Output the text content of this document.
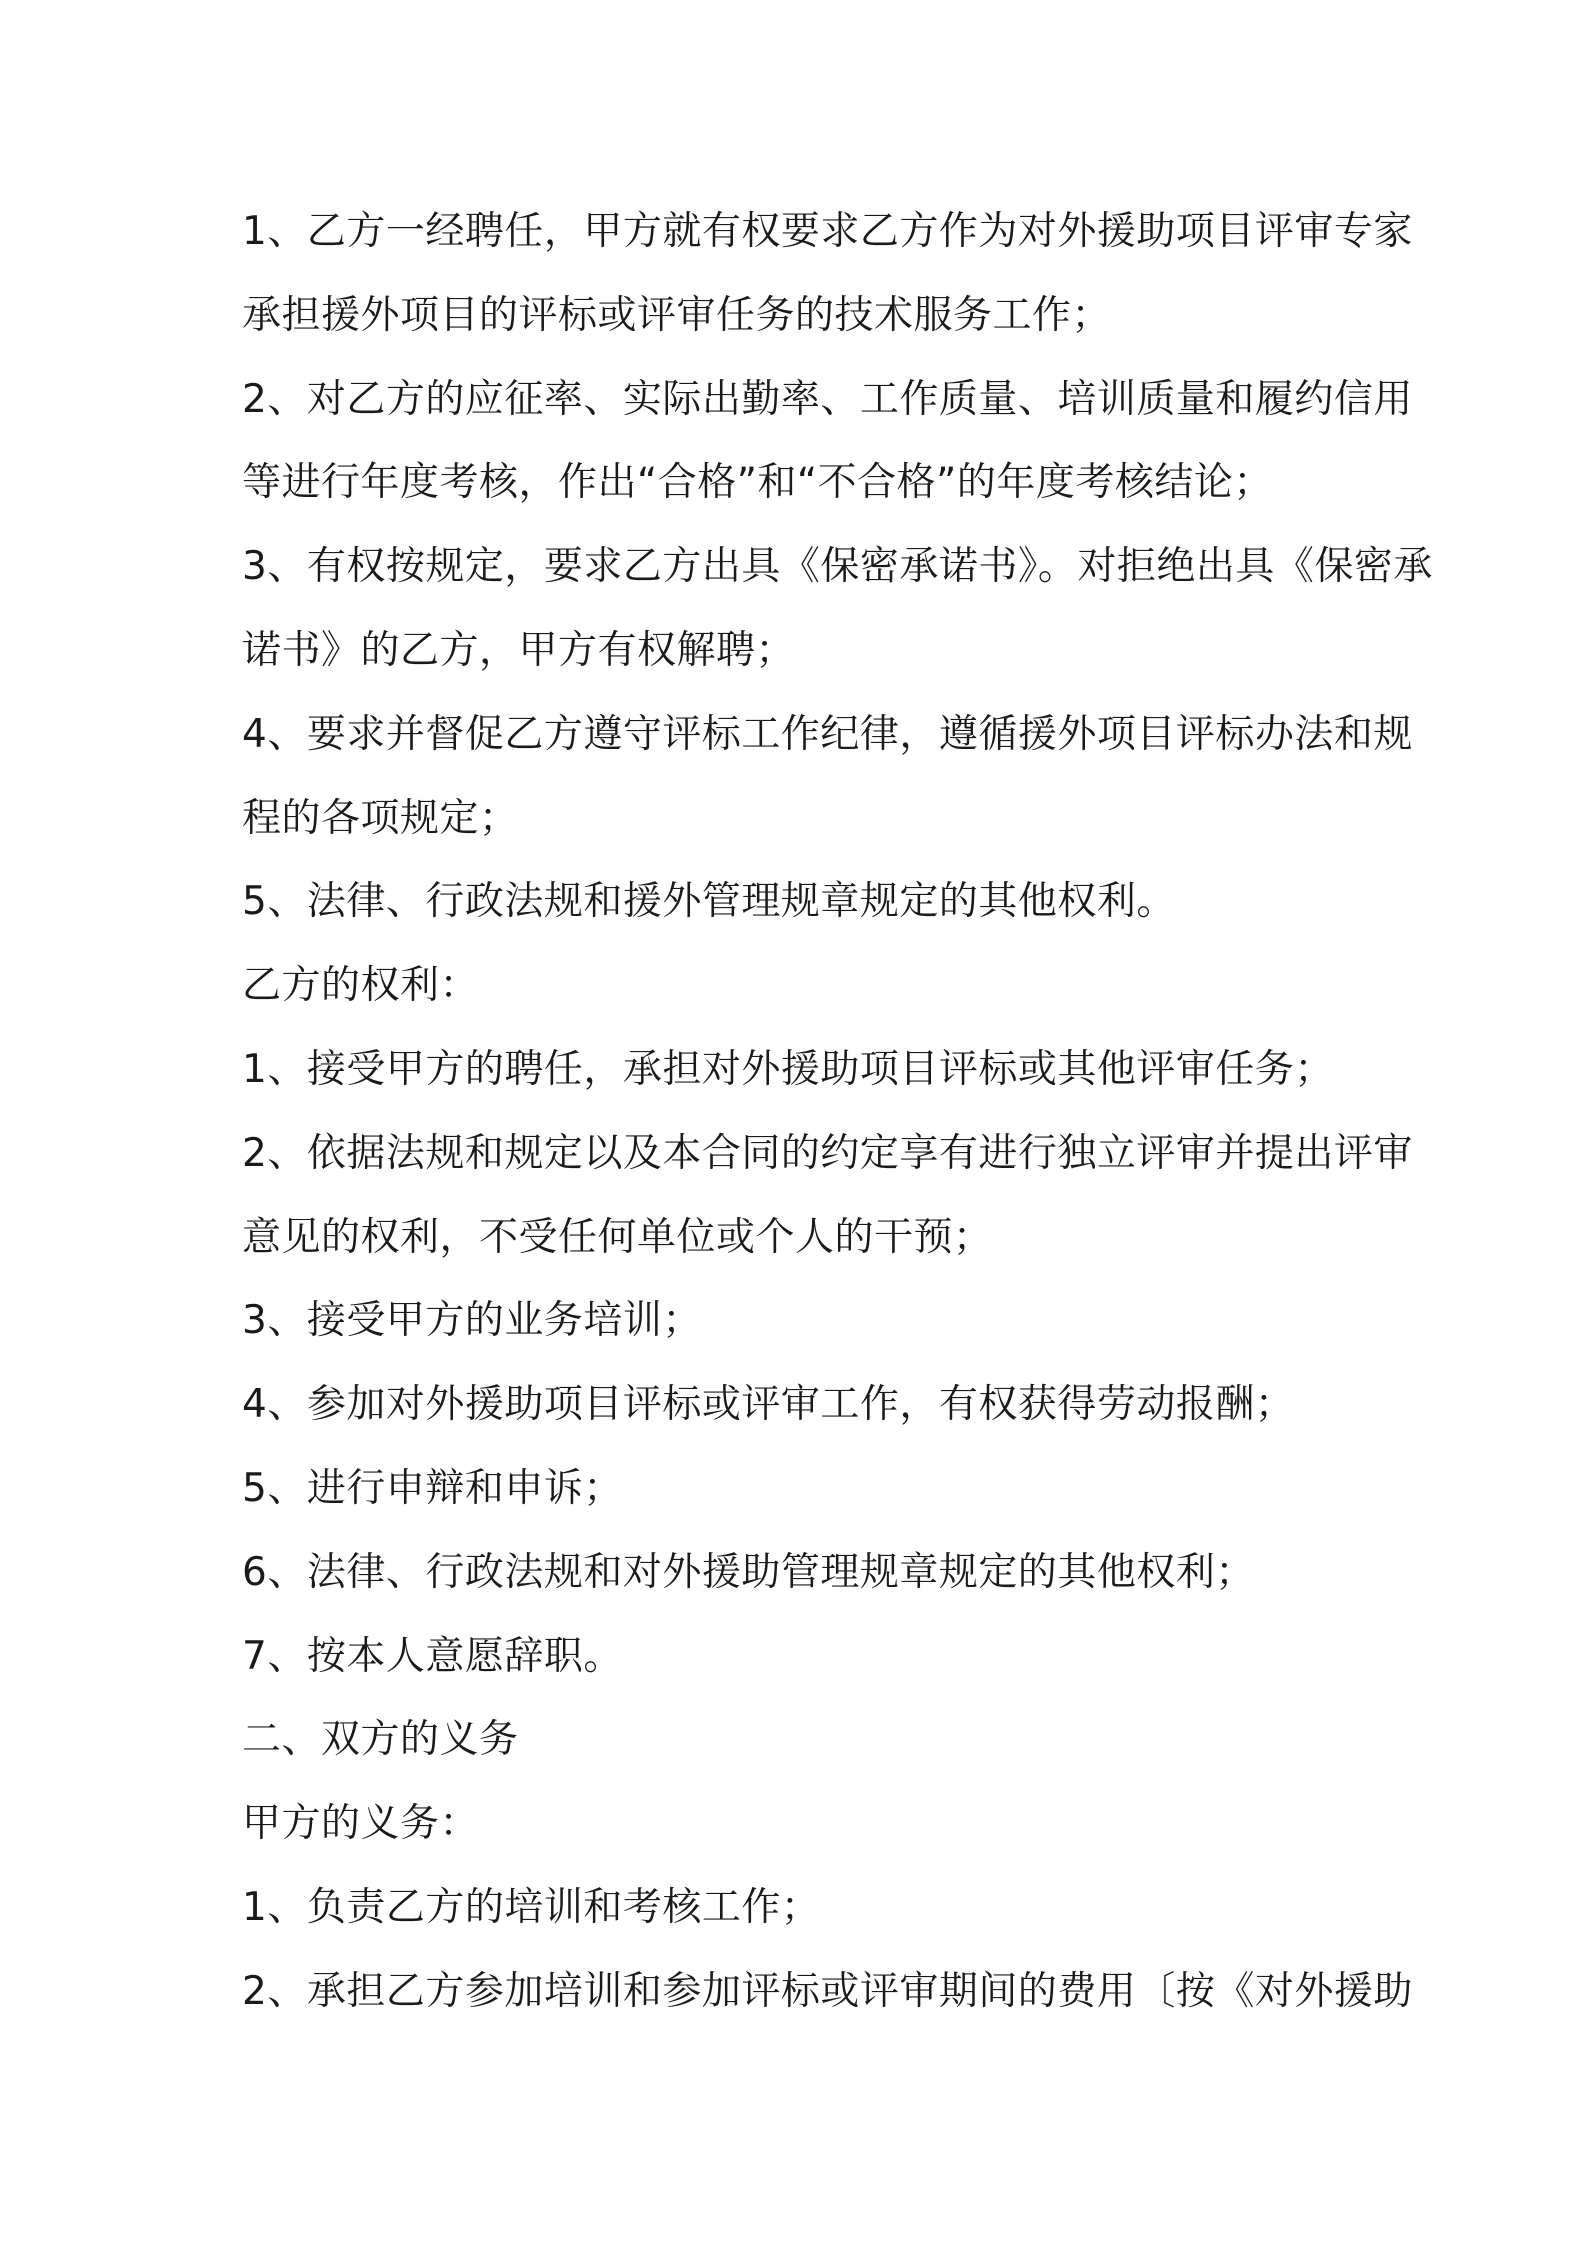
1、乙方一经聘任，甲方就有权要求乙方作为对外援助项目评审专家
承担援外项目的评标或评审任务的技术服务工作；
2、对乙方的应征率、实际出勤率、工作质量、培训质量和履约信用
等进行年度考核，作出“合格”和“不合格”的年度考核结论；
3、有权按规定，要求乙方出具《保密承诺书》。对拒绝出具《保密承
诺书》的乙方，甲方有权解聘；
4、要求并督促乙方遵守评标工作纪律，遵循援外项目评标办法和规
程的各项规定；
5、法律、行政法规和援外管理规章规定的其他权利。
乙方的权利：
1、接受甲方的聘任，承担对外援助项目评标或其他评审任务；
2、依据法规和规定以及本合同的约定享有进行独立评审并提出评审
意见的权利，不受任何单位或个人的干预；
3、接受甲方的业务培训；
4、参加对外援助项目评标或评审工作，有权获得劳动报酬；
5、进行申辩和申诉；
6、法律、行政法规和对外援助管理规章规定的其他权利；
7、按本人意愿辞职。
二、双方的义务
甲方的义务：
1、负责乙方的培训和考核工作；
2、承担乙方参加培训和参加评标或评审期间的费用〔按《对外援助
